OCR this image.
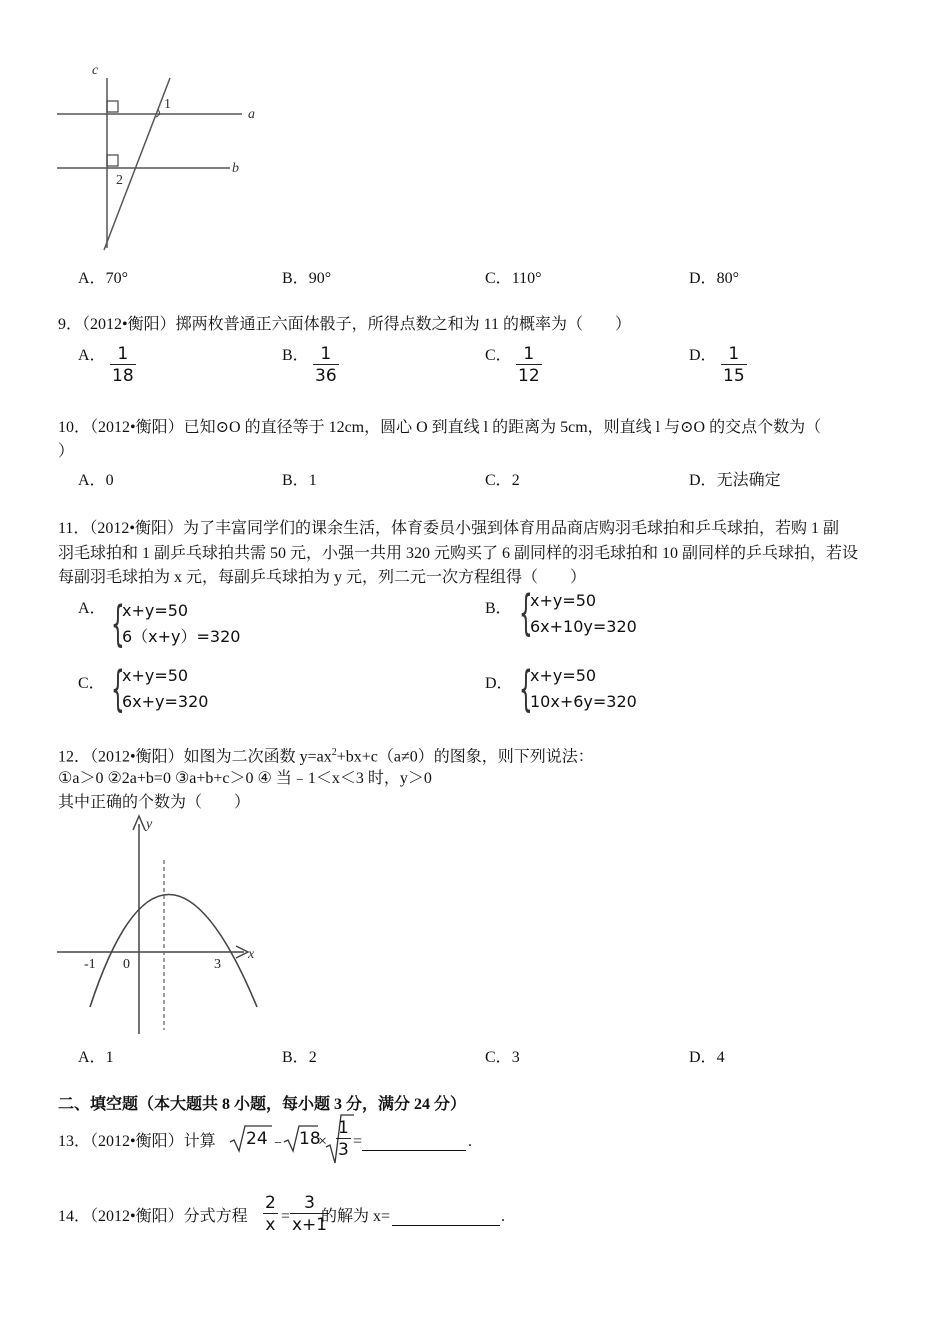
c
a
b
1
2
A．70°	B．90°	C．110°	D．80°
9．（2012•衡阳）掷两枚普通正六面体骰子，所得点数之和为 11 的概率为（　　）
A． $\frac{1}{18}$	B． $\frac{1}{36}$	C． $\frac{1}{12}$	D． $\frac{1}{15}$
10．（2012•衡阳）已知⊙O 的直径等于 12cm，圆心 O 到直线 l 的距离为 5cm，则直线 l 与⊙O 的交点个数为（
）
A．0	B．1	C．2	D．无法确定
11．（2012•衡阳）为了丰富同学们的课余生活，体育委员小强到体育用品商店购羽毛球拍和乒乓球拍，若购 1 副
羽毛球拍和 1 副乒乓球拍共需 50 元，小强一共用 320 元购买了 6 副同样的羽毛球拍和 10 副同样的乒乓球拍，若设
每副羽毛球拍为 x 元，每副乒乓球拍为 y 元，列二元一次方程组得（　　）
A． {
x+y=50
6（x+y）=320
B． {
x+y=50
6x+10y=320
C． {
x+y=50
6x+y=320
D． {
x+y=50
10x+6y=320
12．（2012•衡阳）如图为二次函数 $y=ax^2+bx+c(a\ne 0)$的图象，则下列说法：
①a＞0 ②2a+b=0 ③a+b+c＞0 ④ 当﹣1＜x＜3 时，y＞0
其中正确的个数为（　　）
y
x
-1 0	3
A．1	B．2	C．3	D．4
二、填空题（本大题共 8 小题，每小题 3 分，满分 24 分）
13．（2012•衡阳）计算 24 ﹣ 18
× $\frac{1}{3}$ =	.
14．（2012•衡阳）分式方程 $\frac{2}{x} = \frac{3}{x+1}$
的解为 x=	.
